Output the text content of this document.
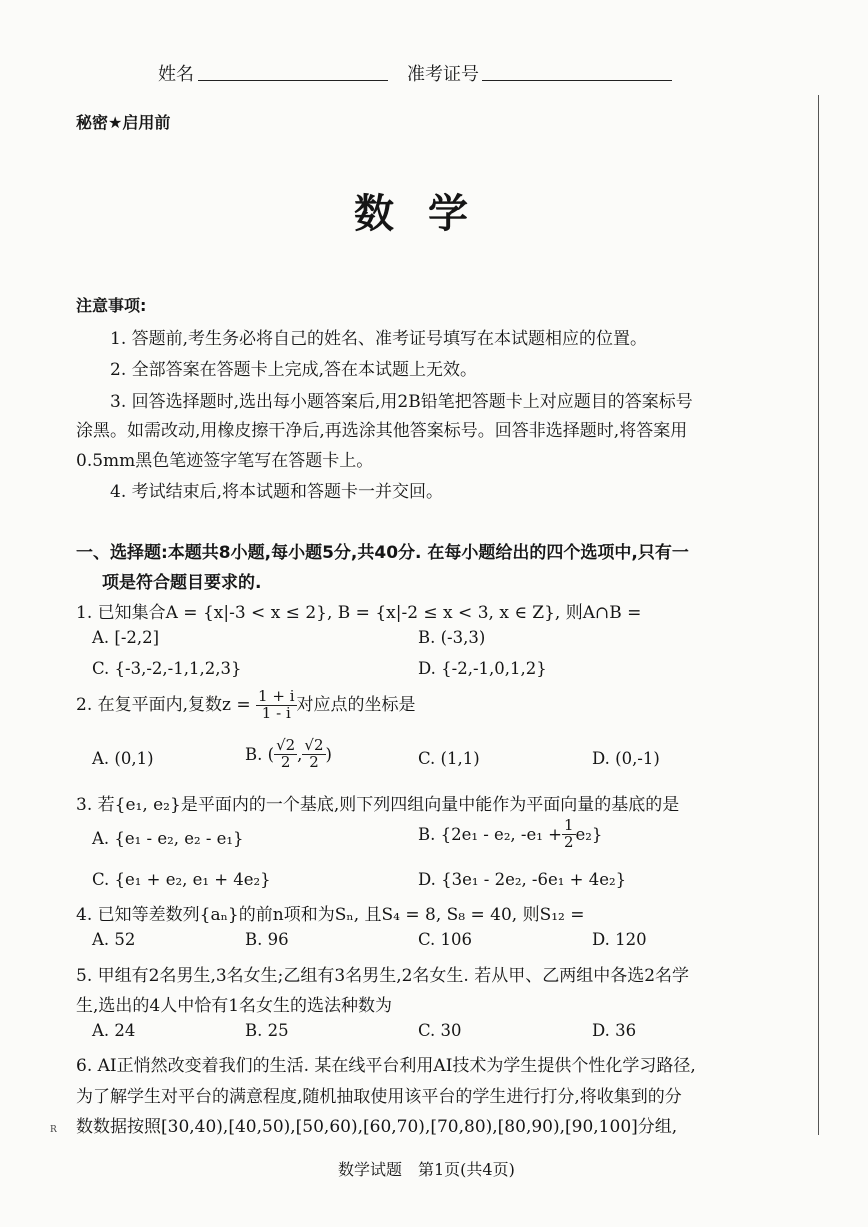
姓名	准考证号
秘密★启用前
数学
注意事项:
1. 答题前,考生务必将自己的姓名、准考证号填写在本试题相应的位置。
2. 全部答案在答题卡上完成,答在本试题上无效。
3. 回答选择题时,选出每小题答案后,用2B铅笔把答题卡上对应题目的答案标号
涂黑。如需改动,用橡皮擦干净后,再选涂其他答案标号。回答非选择题时,将答案用
0.5mm黑色笔迹签字笔写在答题卡上。
4. 考试结束后,将本试题和答题卡一并交回。
一、选择题:本题共8小题,每小题5分,共40分. 在每小题给出的四个选项中,只有一
项是符合题目要求的.
1. 已知集合A = {x|-3 < x ≤ 2}, B = {x|-2 ≤ x < 3, x ∈ Z}, 则A∩B =
A. [-2,2]	B. (-3,3)
C. {-3,-2,-1,1,2,3}	D. {-2,-1,0,1,2}
2. 在复平面内,复数$z = \frac{1 + i}{1 - i}$ 对应点的坐标是
A. (0,1)	B. ( $\frac{√2}{2}$ , $\frac{√2}{2}$ )	C. (1,1)	D. (0,-1)
3. 若{e₁, e₂}是平面内的一个基底,则下列四组向量中能作为平面向量的基底的是
A. {e₁ - e₂, e₂ - e₁}	B. {2e₁ - e₂, $-e_1 + \frac{1}{2} e_2$}
C. {e₁ + e₂, e₁ + 4e₂}	D. {3e₁ - 2e₂, -6e₁ + 4e₂}
4. 已知等差数列{aₙ}的前n项和为Sₙ, 且S₄ = 8, S₈ = 40, 则S₁₂ =
A. 52	B. 96	C. 106	D. 120
5. 甲组有2名男生,3名女生;乙组有3名男生,2名女生. 若从甲、乙两组中各选2名学
生,选出的4人中恰有1名女生的选法种数为
A. 24	B. 25	C. 30	D. 36
6. AI正悄然改变着我们的生活. 某在线平台利用AI技术为学生提供个性化学习路径,
为了解学生对平台的满意程度,随机抽取使用该平台的学生进行打分,将收集到的分
数数据按照[30,40),[40,50),[50,60),[60,70),[70,80),[80,90),[90,100]分组,
R
数学试题　第1页(共4页)
